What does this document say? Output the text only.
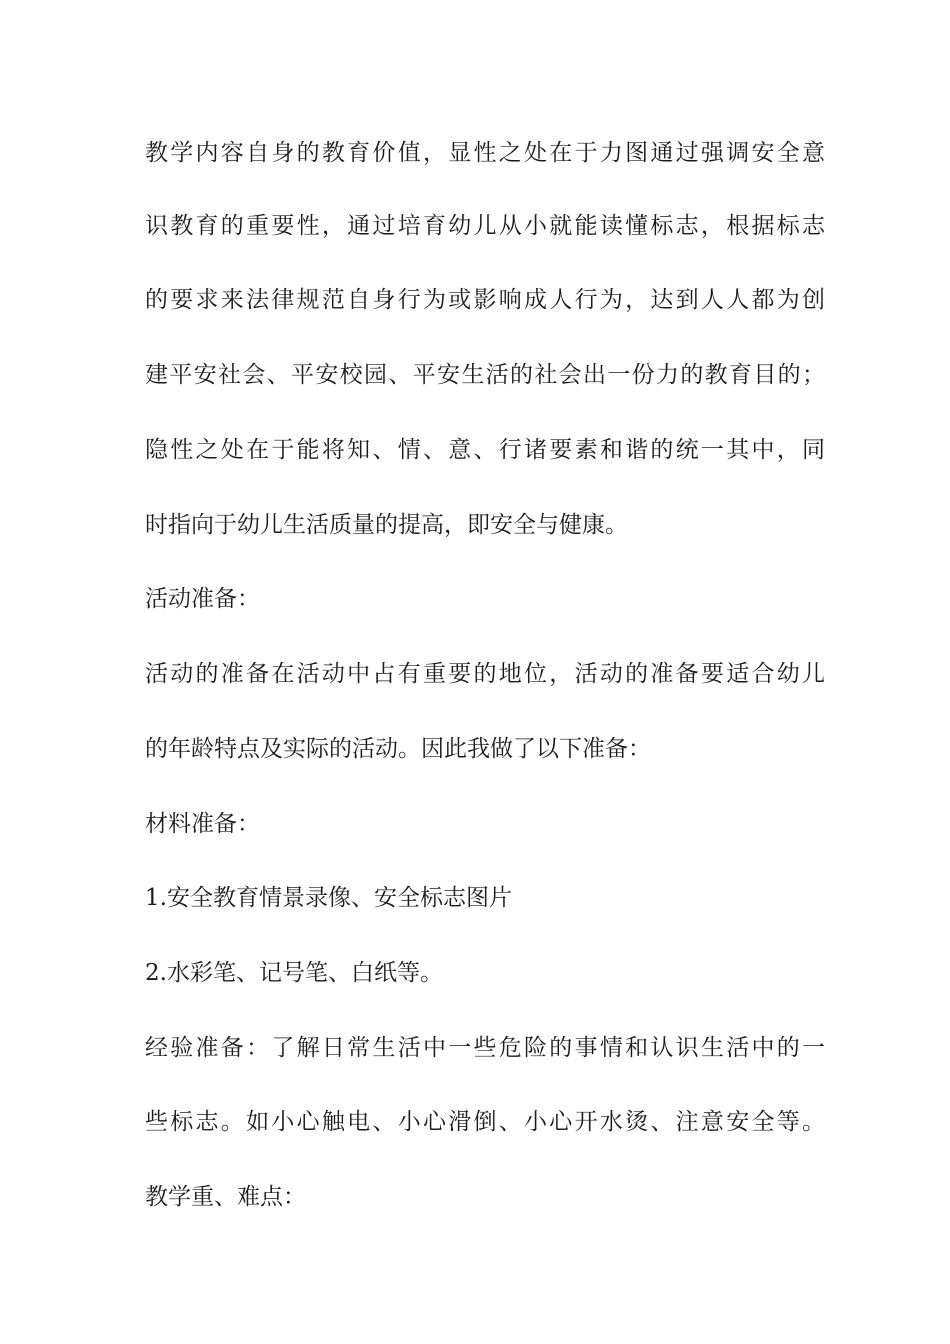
教学内容自身的教育价值，显性之处在于力图通过强调安全意
识教育的重要性，通过培育幼儿从小就能读懂标志，根据标志
的要求来法律规范自身行为或影响成人行为，达到人人都为创
建平安社会、平安校园、平安生活的社会出一份力的教育目的；
隐性之处在于能将知、情、意、行诸要素和谐的统一其中，同
时指向于幼儿生活质量的提高，即安全与健康。
活动准备：
活动的准备在活动中占有重要的地位，活动的准备要适合幼儿
的年龄特点及实际的活动。因此我做了以下准备：
材料准备：
1.安全教育情景录像、安全标志图片
2.水彩笔、记号笔、白纸等。
经验准备：了解日常生活中一些危险的事情和认识生活中的一
些标志。如小心触电、小心滑倒、小心开水烫、注意安全等。
教学重、难点：
